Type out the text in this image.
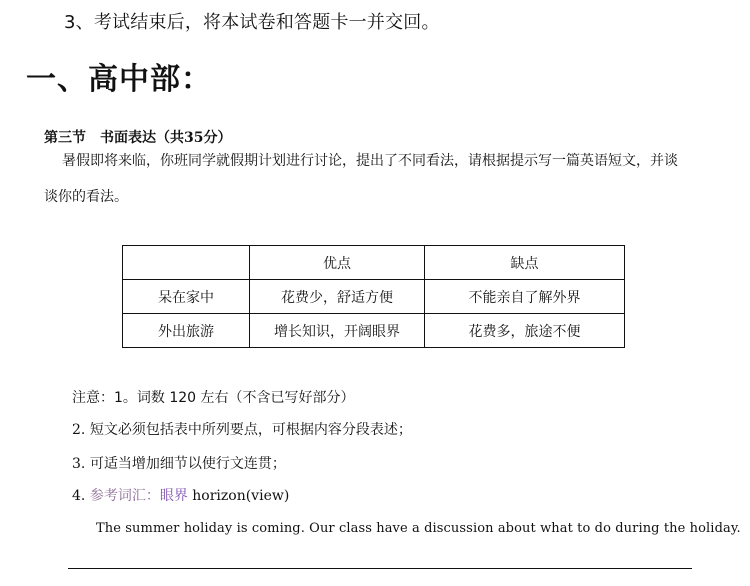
3、考试结束后，将本试卷和答题卡一并交回。
一、高中部：
第三节　书面表达（共35分）
暑假即将来临，你班同学就假期计划进行讨论，提出了不同看法，请根据提示写一篇英语短文，并谈
谈你的看法。
	优点	缺点
呆在家中	花费少，舒适方便	不能亲自了解外界
外出旅游	增长知识，开阔眼界	花费多，旅途不便
注意：1。词数 120 左右（不含已写好部分）
2. 短文必须包括表中所列要点，可根据内容分段表述；
3. 可适当增加细节以使行文连贯；
4. 参考词汇：眼界 horizon(view)
The summer holiday is coming. Our class have a discussion about what to do during the holiday.
